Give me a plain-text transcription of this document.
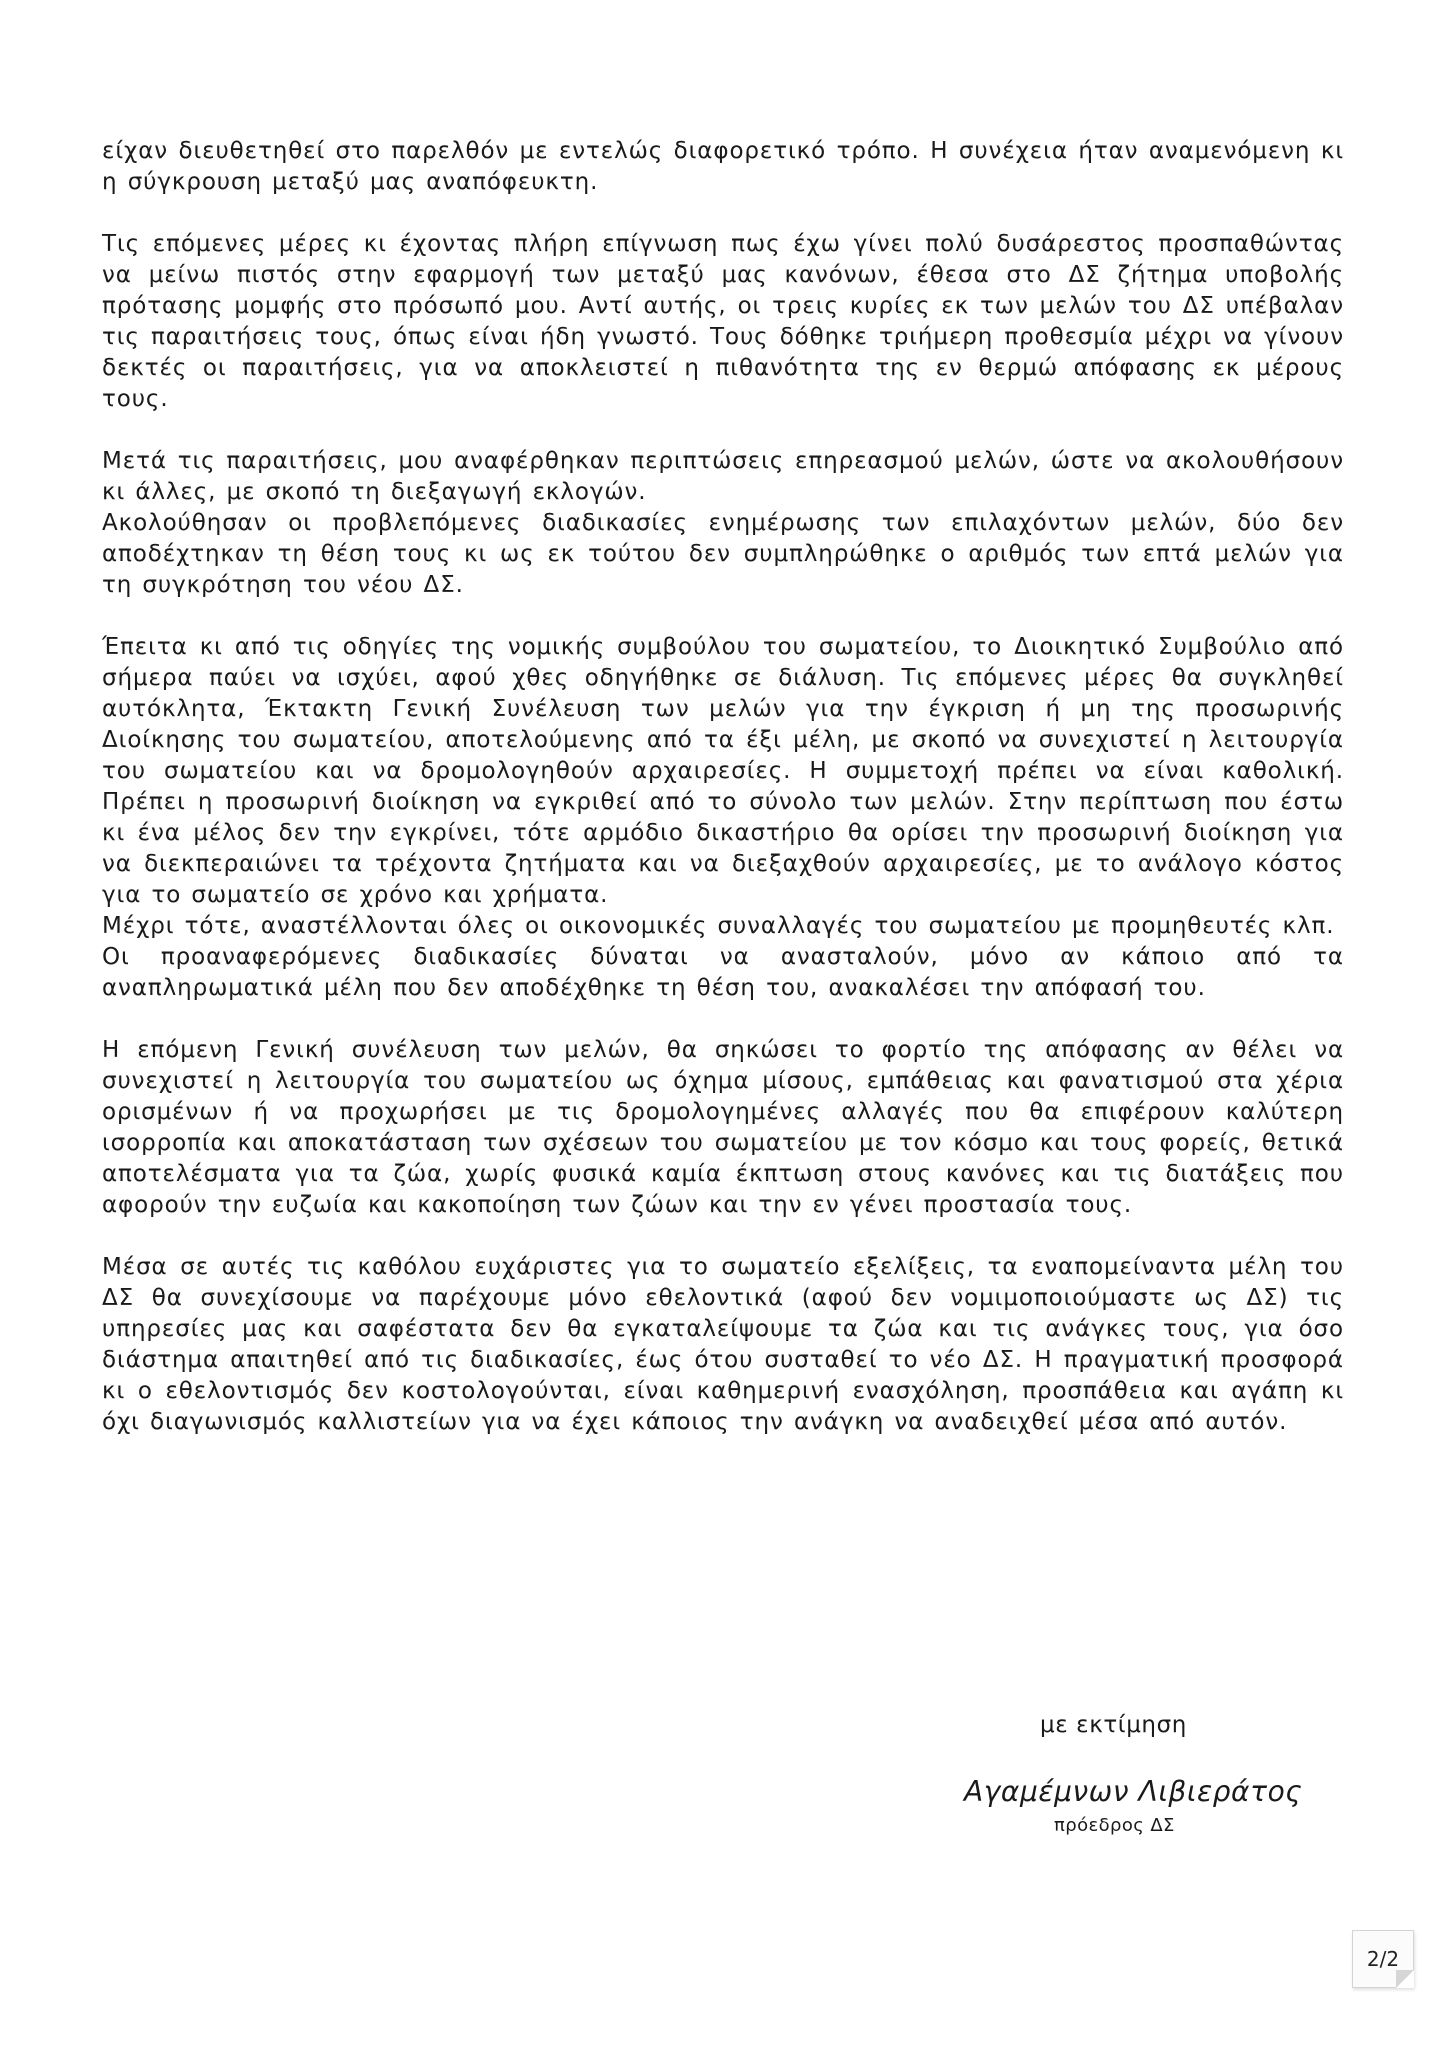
είχαν διευθετηθεί στο παρελθόν με εντελώς διαφορετικό τρόπο. Η συνέχεια ήταν αναμενόμενη κι η σύγκρουση μεταξύ μας αναπόφευκτη.

Τις επόμενες μέρες κι έχοντας πλήρη επίγνωση πως έχω γίνει πολύ δυσάρεστος προσπαθώντας να μείνω πιστός στην εφαρμογή των μεταξύ μας κανόνων, έθεσα στο ΔΣ ζήτημα υποβολής πρότασης μομφής στο πρόσωπό μου. Αντί αυτής, οι τρεις κυρίες εκ των μελών του ΔΣ υπέβαλαν τις παραιτήσεις τους, όπως είναι ήδη γνωστό. Τους δόθηκε τριήμερη προθεσμία μέχρι να γίνουν δεκτές οι παραιτήσεις, για να αποκλειστεί η πιθανότητα της εν θερμώ απόφασης εκ μέρους τους.

Μετά τις παραιτήσεις, μου αναφέρθηκαν περιπτώσεις επηρεασμού μελών, ώστε να ακολουθήσουν κι άλλες, με σκοπό τη διεξαγωγή εκλογών.

Ακολούθησαν οι προβλεπόμενες διαδικασίες ενημέρωσης των επιλαχόντων μελών, δύο δεν αποδέχτηκαν τη θέση τους κι ως εκ τούτου δεν συμπληρώθηκε ο αριθμός των επτά μελών για τη συγκρότηση του νέου ΔΣ.

Έπειτα κι από τις οδηγίες της νομικής συμβούλου του σωματείου, το Διοικητικό Συμβούλιο από σήμερα παύει να ισχύει, αφού χθες οδηγήθηκε σε διάλυση. Τις επόμενες μέρες θα συγκληθεί αυτόκλητα, Έκτακτη Γενική Συνέλευση των μελών για την έγκριση ή μη της προσωρινής Διοίκησης του σωματείου, αποτελούμενης από τα έξι μέλη, με σκοπό να συνεχιστεί η λειτουργία του σωματείου και να δρομολογηθούν αρχαιρεσίες. Η συμμετοχή πρέπει να είναι καθολική. Πρέπει η προσωρινή διοίκηση να εγκριθεί από το σύνολο των μελών. Στην περίπτωση που έστω κι ένα μέλος δεν την εγκρίνει, τότε αρμόδιο δικαστήριο θα ορίσει την προσωρινή διοίκηση για να διεκπεραιώνει τα τρέχοντα ζητήματα και να διεξαχθούν αρχαιρεσίες, με το ανάλογο κόστος για το σωματείο σε χρόνο και χρήματα.

Μέχρι τότε, αναστέλλονται όλες οι οικονομικές συναλλαγές του σωματείου με προμηθευτές κλπ.

Οι προαναφερόμενες διαδικασίες δύναται να ανασταλούν, μόνο αν κάποιο από τα αναπληρωματικά μέλη που δεν αποδέχθηκε τη θέση του, ανακαλέσει την απόφασή του.

Η επόμενη Γενική συνέλευση των μελών, θα σηκώσει το φορτίο της απόφασης αν θέλει να συνεχιστεί η λειτουργία του σωματείου ως όχημα μίσους, εμπάθειας και φανατισμού στα χέρια ορισμένων ή να προχωρήσει με τις δρομολογημένες αλλαγές που θα επιφέρουν καλύτερη ισορροπία και αποκατάσταση των σχέσεων του σωματείου με τον κόσμο και τους φορείς, θετικά αποτελέσματα για τα ζώα, χωρίς φυσικά καμία έκπτωση στους κανόνες και τις διατάξεις που αφορούν την ευζωία και κακοποίηση των ζώων και την εν γένει προστασία τους.

Μέσα σε αυτές τις καθόλου ευχάριστες για το σωματείο εξελίξεις, τα εναπομείναντα μέλη του ΔΣ θα συνεχίσουμε να παρέχουμε μόνο εθελοντικά (αφού δεν νομιμοποιούμαστε ως ΔΣ) τις υπηρεσίες μας και σαφέστατα δεν θα εγκαταλείψουμε τα ζώα και τις ανάγκες τους, για όσο διάστημα απαιτηθεί από τις διαδικασίες, έως ότου συσταθεί το νέο ΔΣ. Η πραγματική προσφορά κι ο εθελοντισμός δεν κοστολογούνται, είναι καθημερινή ενασχόληση, προσπάθεια και αγάπη κι όχι διαγωνισμός καλλιστείων για να έχει κάποιος την ανάγκη να αναδειχθεί μέσα από αυτόν.

με εκτίμηση
Αγαμέμνων Λιβιεράτος
πρόεδρος ΔΣ
2/2
